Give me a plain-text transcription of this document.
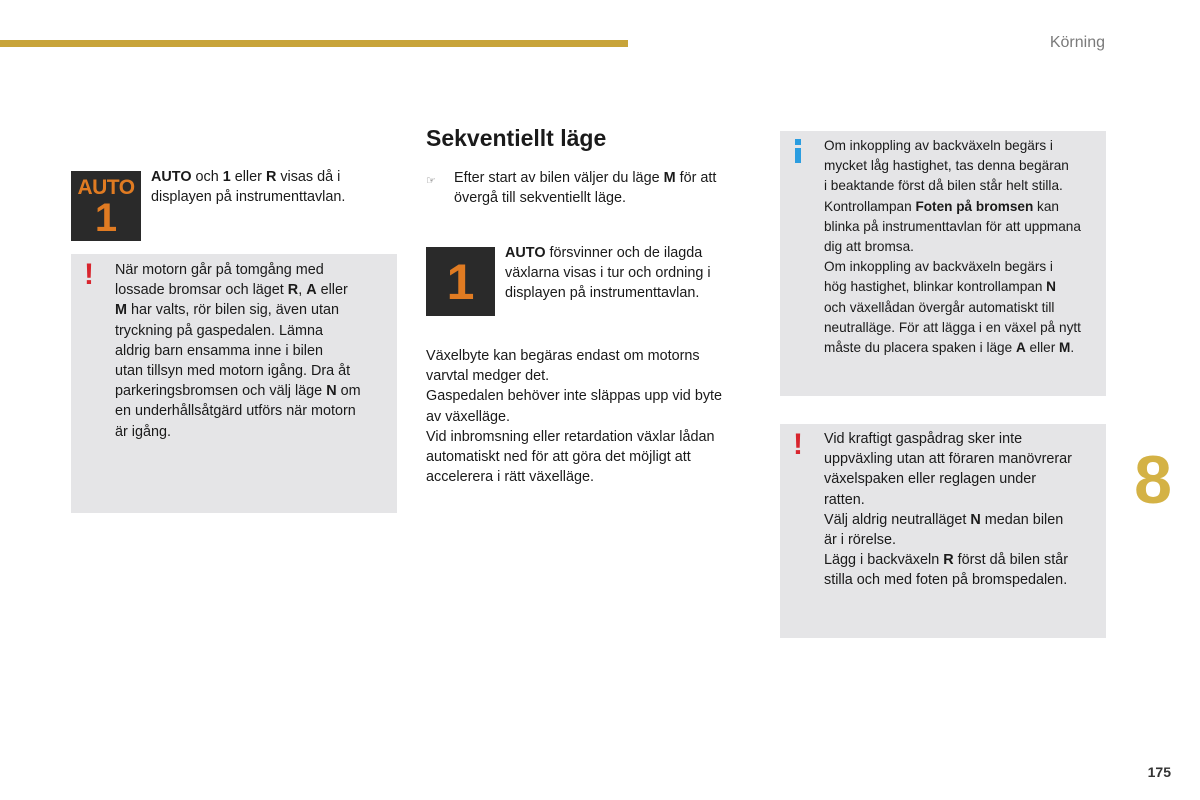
Körning
8
175
AUTO
1
AUTO och 1 eller R visas då i displayen på instrumenttavlan.
! När motorn går på tomgång med
lossade bromsar och läget R, A eller
M har valts, rör bilen sig, även utan
tryckning på gaspedalen. Lämna
aldrig barn ensamma inne i bilen
utan tillsyn med motorn igång. Dra åt
parkeringsbromsen och välj läge N om
en underhållsåtgärd utförs när motorn
är igång.
Sekventiellt läge
☞	Efter start av bilen väljer du läge M för att
övergå till sekventiellt läge.
1
AUTO försvinner och de ilagda
växlarna visas i tur och ordning i
displayen på instrumenttavlan.
Växelbyte kan begäras endast om motorns
varvtal medger det.
Gaspedalen behöver inte släppas upp vid byte
av växelläge.
Vid inbromsning eller retardation växlar lådan
automatiskt ned för att göra det möjligt att
accelerera i rätt växelläge.
Om inkoppling av backväxeln begärs i
mycket låg hastighet, tas denna begäran
i beaktande först då bilen står helt stilla.
Kontrollampan Foten på bromsen kan
blinka på instrumenttavlan för att uppmana
dig att bromsa.
Om inkoppling av backväxeln begärs i
hög hastighet, blinkar kontrollampan N
och växellådan övergår automatiskt till
neutralläge. För att lägga i en växel på nytt
måste du placera spaken i läge A eller M.
! Vid kraftigt gaspådrag sker inte
uppväxling utan att föraren manövrerar
växelspaken eller reglagen under
ratten.
Välj aldrig neutralläget N medan bilen
är i rörelse.
Lägg i backväxeln R först då bilen står
stilla och med foten på bromspedalen.
